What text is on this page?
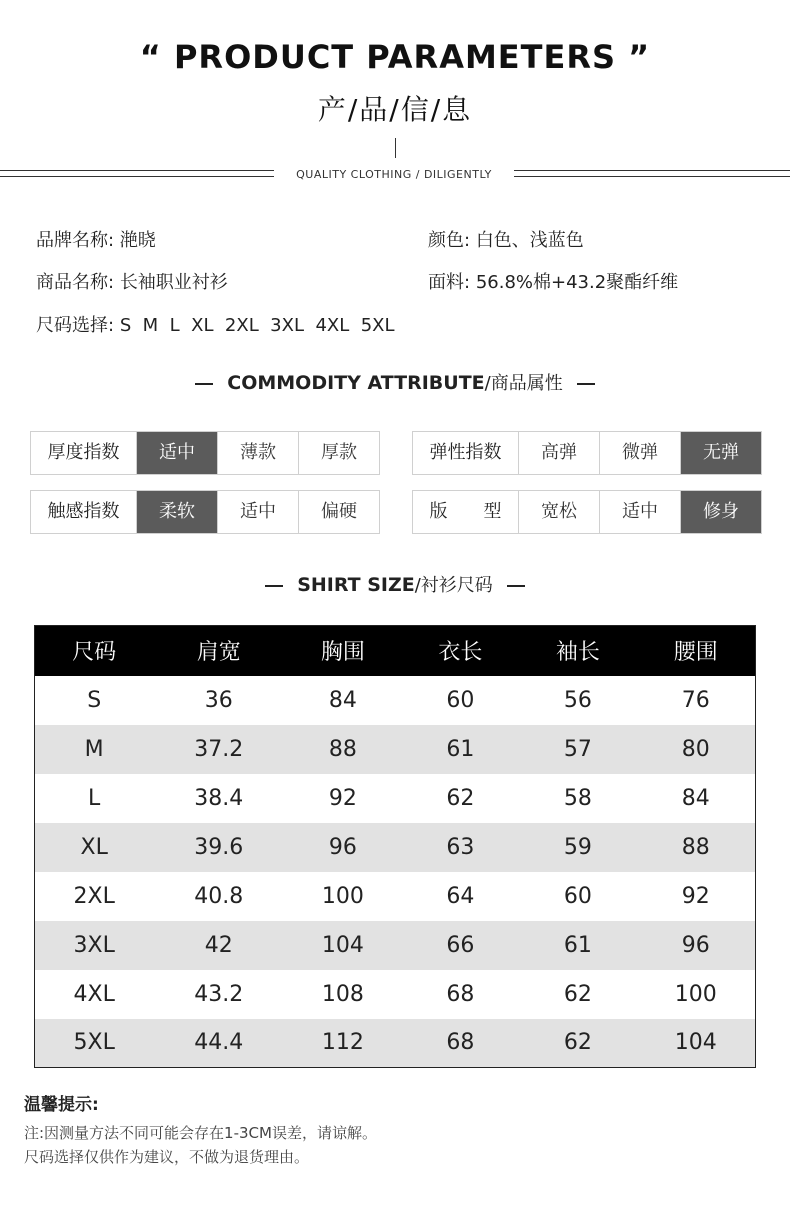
“ PRODUCT PARAMETERS ”
产/品/信/息
QUALITY CLOTHING / DILIGENTLY
品牌名称: 滟晓	颜色: 白色、浅蓝色
商品名称: 长袖职业衬衫	面料: 56.8%棉+43.2聚酯纤维
尺码选择: S  M  L  XL  2XL  3XL  4XL  5XL
COMMODITY ATTRIBUTE/商品属性
厚度指数	适中	薄款	厚款	弹性指数	高弹	微弹	无弹
触感指数	柔软	适中	偏硬	版　　型	宽松	适中	修身
SHIRT SIZE/衬衫尺码
尺码	肩宽	胸围	衣长	袖长	腰围
S	36	84	60	56	76
M	37.2	88	61	57	80
L	38.4	92	62	58	84
XL	39.6	96	63	59	88
2XL	40.8	100	64	60	92
3XL	42	104	66	61	96
4XL	43.2	108	68	62	100
5XL	44.4	112	68	62	104
温馨提示:
注:因测量方法不同可能会存在1-3CM误差，请谅解。
尺码选择仅供作为建议，不做为退货理由。
